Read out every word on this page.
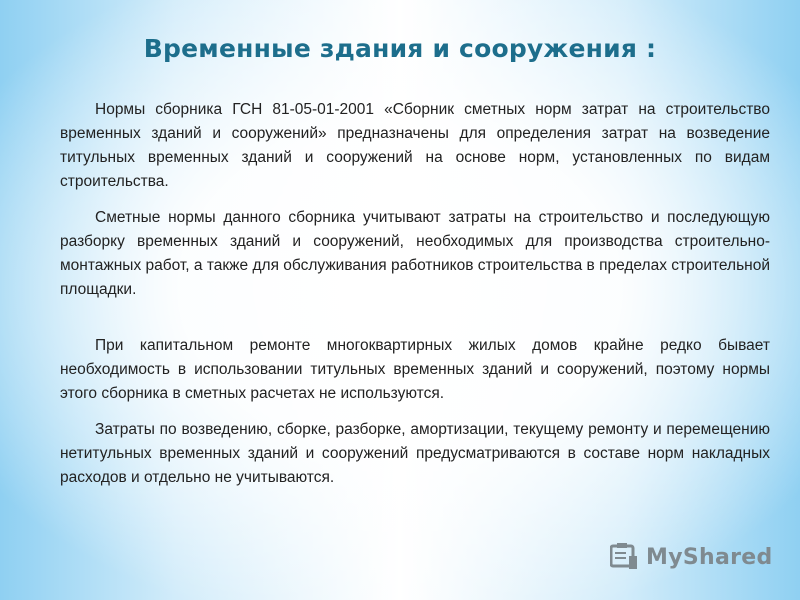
Временные здания и сооружения :

Нормы сборника ГСН 81-05-01-2001 «Сборник сметных норм затрат на строительство временных зданий и сооружений» предназначены для определения затрат на возведение титульных временных зданий и сооружений на основе норм, установленных по видам строительства.

Сметные нормы данного сборника учитывают затраты на строительство и последующую разборку временных зданий и сооружений, необходимых для производства строительно-монтажных работ, а также для обслуживания работников строительства в пределах строительной площадки.

При капитальном ремонте многоквартирных жилых домов крайне редко бывает необходимость в использовании титульных временных зданий и сооружений, поэтому нормы этого сборника в сметных расчетах не используются.

Затраты по возведению, сборке, разборке, амортизации, текущему ремонту и перемещению нетитульных временных зданий и сооружений предусматриваются в составе норм накладных расходов и отдельно не учитываются.

MyShared
